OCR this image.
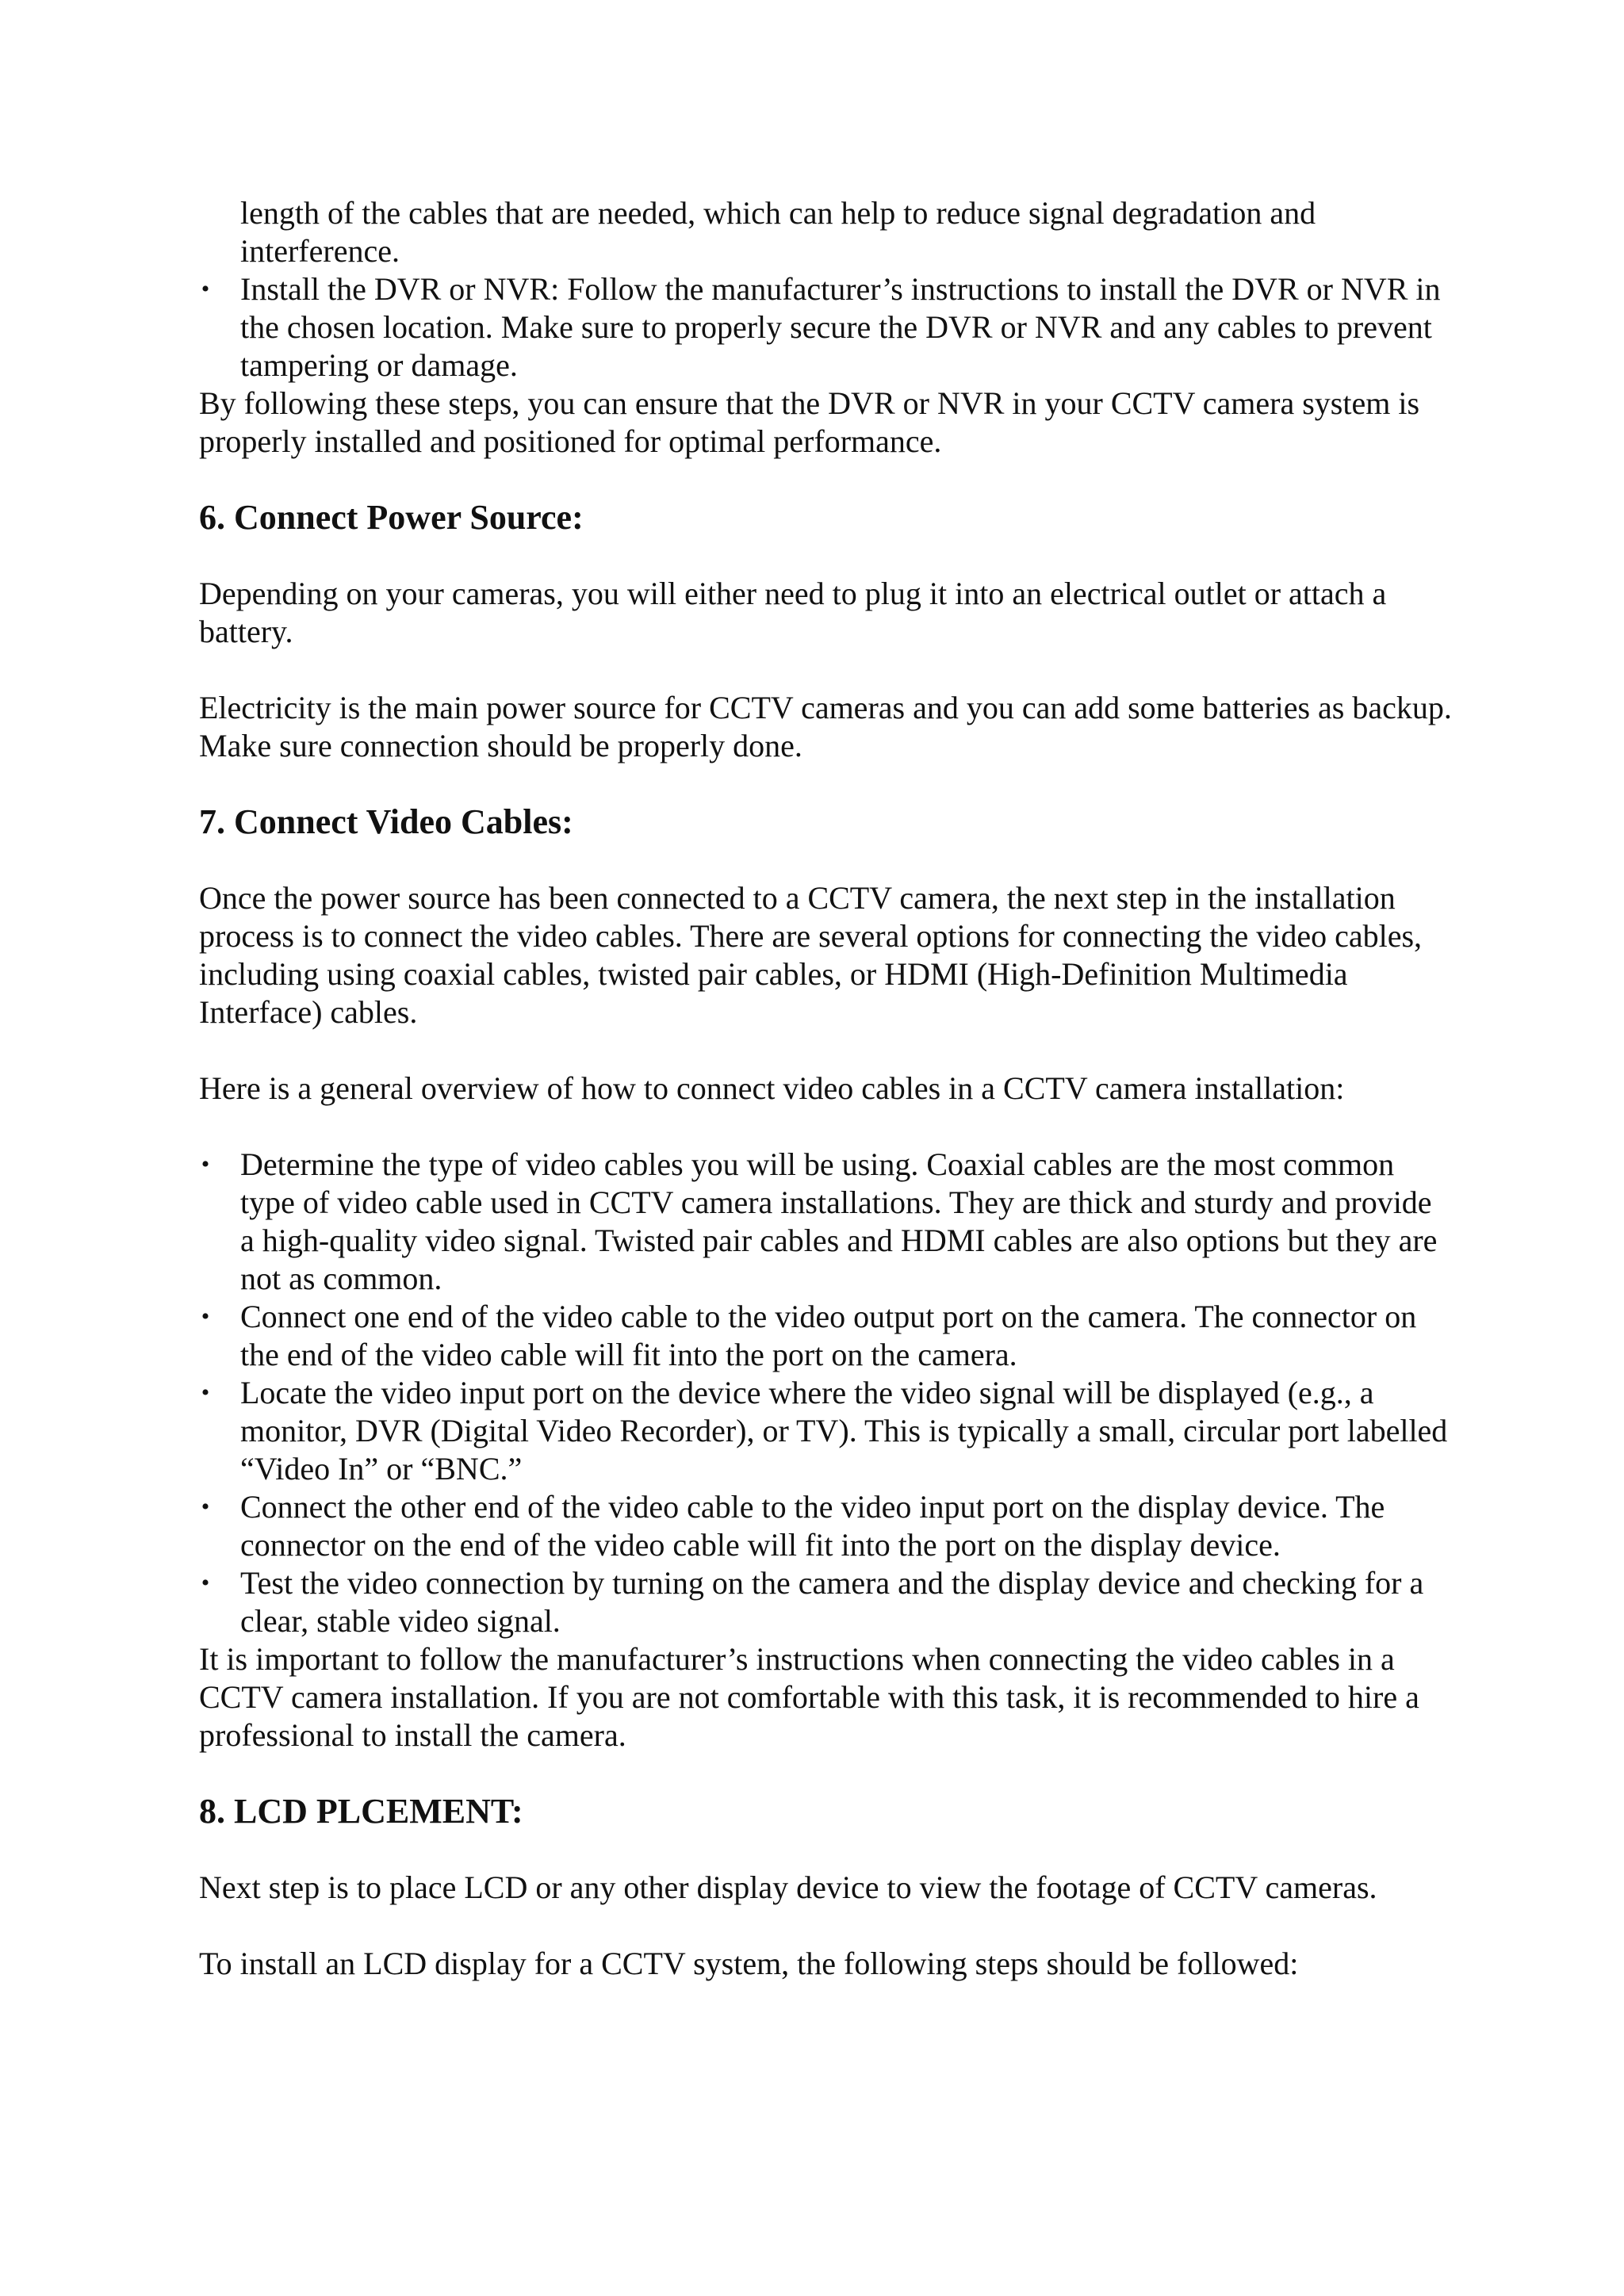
length of the cables that are needed, which can help to reduce signal degradation and interference.

• Install the DVR or NVR: Follow the manufacturer’s instructions to install the DVR or NVR in the chosen location. Make sure to properly secure the DVR or NVR and any cables to prevent tampering or damage.

By following these steps, you can ensure that the DVR or NVR in your CCTV camera system is properly installed and positioned for optimal performance.

6. Connect Power Source:

Depending on your cameras, you will either need to plug it into an electrical outlet or attach a battery.

Electricity is the main power source for CCTV cameras and you can add some batteries as backup. Make sure connection should be properly done.

7. Connect Video Cables:

Once the power source has been connected to a CCTV camera, the next step in the installation process is to connect the video cables. There are several options for connecting the video cables, including using coaxial cables, twisted pair cables, or HDMI (High-Definition Multimedia Interface) cables.

Here is a general overview of how to connect video cables in a CCTV camera installation:

• Determine the type of video cables you will be using. Coaxial cables are the most common type of video cable used in CCTV camera installations. They are thick and sturdy and provide a high-quality video signal. Twisted pair cables and HDMI cables are also options but they are not as common.
• Connect one end of the video cable to the video output port on the camera. The connector on the end of the video cable will fit into the port on the camera.
• Locate the video input port on the device where the video signal will be displayed (e.g., a monitor, DVR (Digital Video Recorder), or TV). This is typically a small, circular port labelled “Video In” or “BNC.”
• Connect the other end of the video cable to the video input port on the display device. The connector on the end of the video cable will fit into the port on the display device.
• Test the video connection by turning on the camera and the display device and checking for a clear, stable video signal.

It is important to follow the manufacturer’s instructions when connecting the video cables in a CCTV camera installation. If you are not comfortable with this task, it is recommended to hire a professional to install the camera.

8. LCD PLCEMENT:

Next step is to place LCD or any other display device to view the footage of CCTV cameras.

To install an LCD display for a CCTV system, the following steps should be followed:
